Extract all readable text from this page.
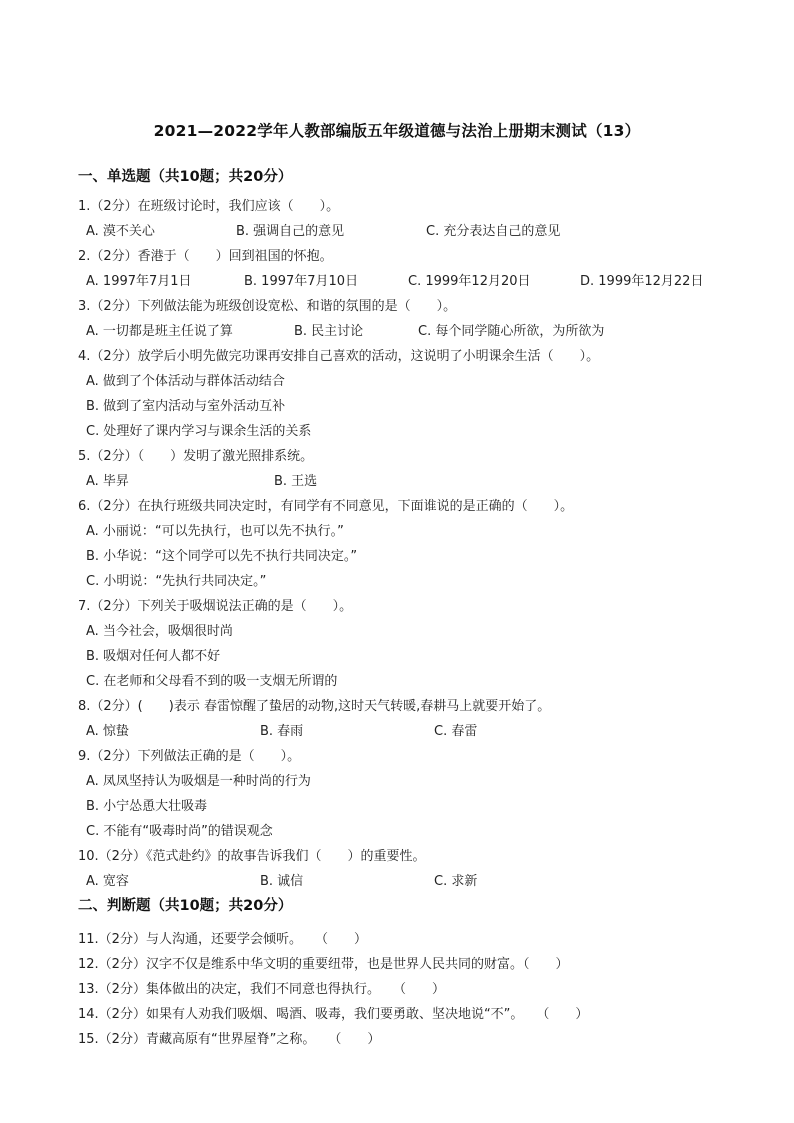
2021—2022学年人教部编版五年级道德与法治上册期末测试（13）
一、单选题（共10题；共20分）
1.（2分）在班级讨论时，我们应该（　　）。
A. 漠不关心	B. 强调自己的意见	C. 充分表达自己的意见
2.（2分）香港于（　　）回到祖国的怀抱。
A. 1997年7月1日	B. 1997年7月10日	C. 1999年12月20日	D. 1999年12月22日
3.（2分）下列做法能为班级创设宽松、和谐的氛围的是（　　）。
A. 一切都是班主任说了算	B. 民主讨论	C. 每个同学随心所欲，为所欲为
4.（2分）放学后小明先做完功课再安排自己喜欢的活动，这说明了小明课余生活（　　）。
A. 做到了个体活动与群体活动结合
B. 做到了室内活动与室外活动互补
C. 处理好了课内学习与课余生活的关系
5.（2分）（　　）发明了激光照排系统。
A. 毕昇	B. 王选
6.（2分）在执行班级共同决定时，有同学有不同意见，下面谁说的是正确的（　　）。
A. 小丽说：“可以先执行，也可以先不执行。”
B. 小华说：“这个同学可以先不执行共同决定。”
C. 小明说：“先执行共同决定。”
7.（2分）下列关于吸烟说法正确的是（　　）。
A. 当今社会，吸烟很时尚
B. 吸烟对任何人都不好
C. 在老师和父母看不到的吸一支烟无所谓的
8.（2分）(　　)表示 春雷惊醒了蛰居的动物,这时天气转暖,春耕马上就要开始了。
A. 惊蛰	B. 春雨	C. 春雷
9.（2分）下列做法正确的是（　　）。
A. 凤凤坚持认为吸烟是一种时尚的行为
B. 小宁怂恿大壮吸毒
C. 不能有“吸毒时尚”的错误观念
10.（2分）《范式赴约》的故事告诉我们（　　）的重要性。
A. 宽容	B. 诚信	C. 求新
二、判断题（共10题；共20分）
11.（2分）与人沟通，还要学会倾听。　　（　　）
12.（2分）汉字不仅是维系中华文明的重要纽带，也是世界人民共同的财富。（　　）
13.（2分）集体做出的决定，我们不同意也得执行。　　（　　）
14.（2分）如果有人劝我们吸烟、喝酒、吸毒，我们要勇敢、坚决地说“不”。　　（　　）
15.（2分）青藏高原有“世界屋脊”之称。　　（　　）
